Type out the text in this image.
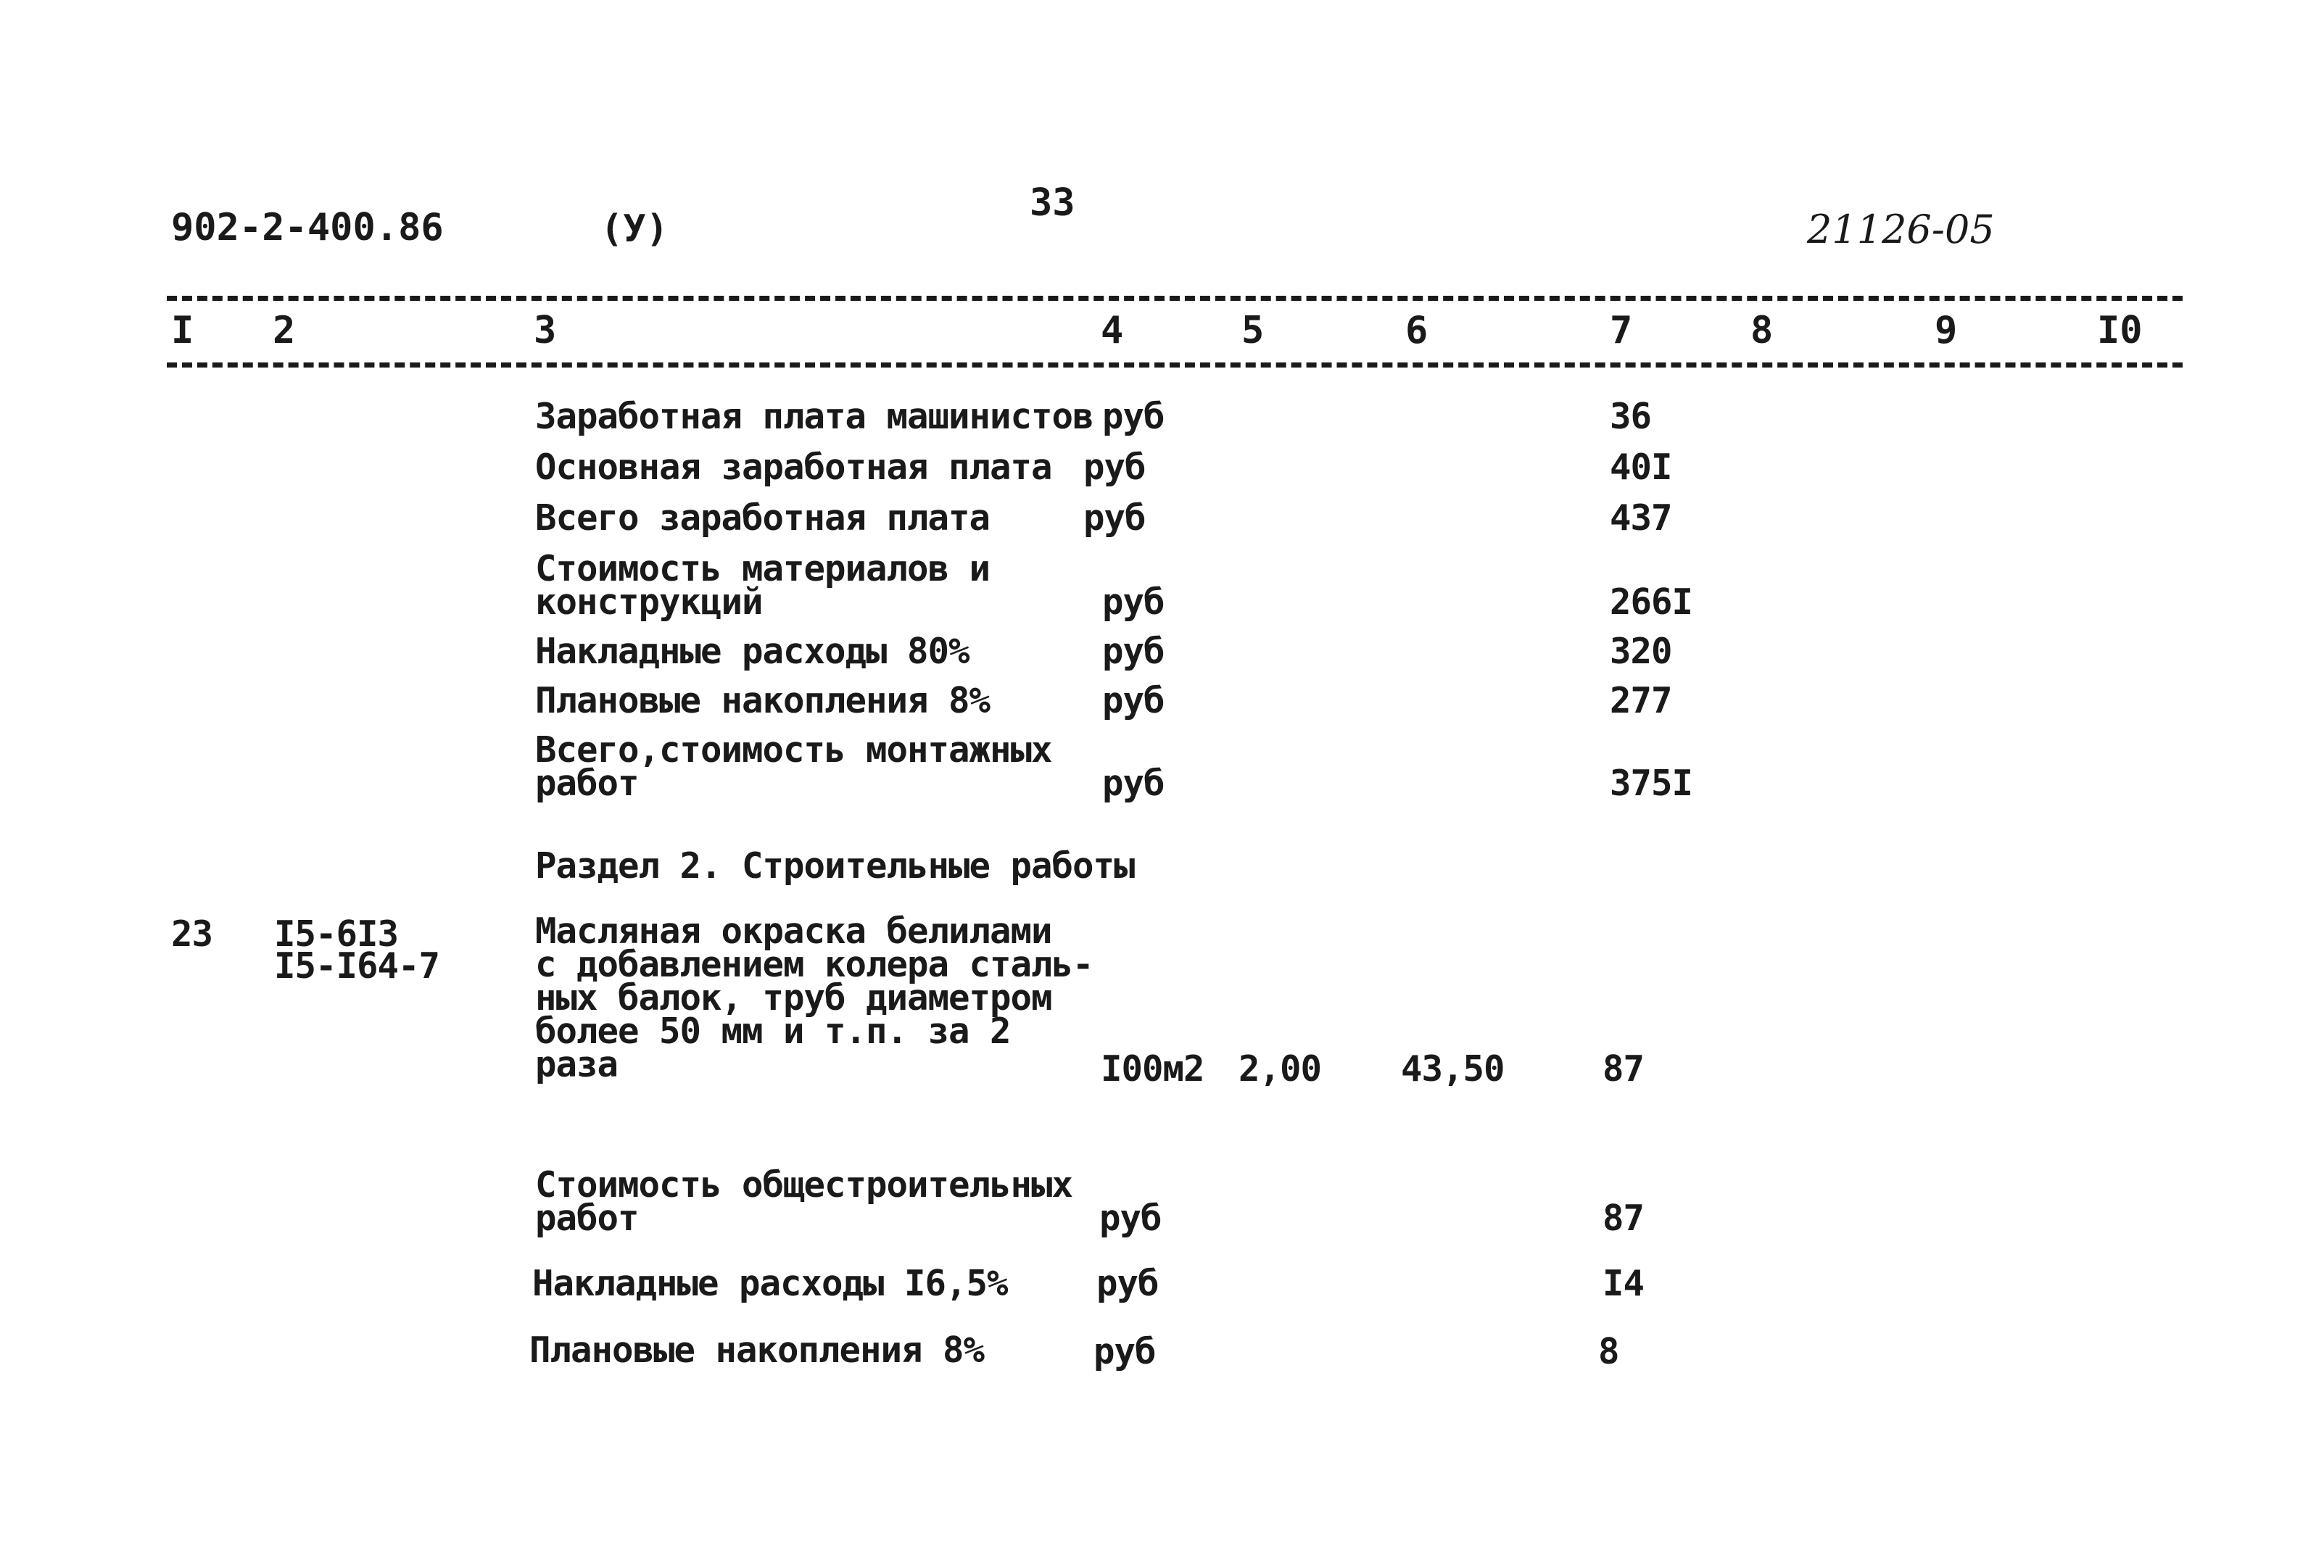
902-2-400.86	(У)
33
21126-05
I 2	3	4	5	6	7	8	9	I0
Заработная плата машинистов руб	36
Основная заработная плата руб	40I
Всего заработная плата	руб	437
Стоимость материалов и
конструкций	руб	266I
Накладные расходы 80%	руб	320
Плановые накопления 8%	руб	277
Всего,стоимость монтажных
работ	руб	375I
Раздел 2. Строительные работы
23 I5-6I3
I5-I64-7
Масляная окраска белилами
с добавлением колера сталь-
ных балок, труб диаметром
более 50 мм и т.п. за 2
раза	I00м2 2,00 43,50	87
Стоимость общестроительных
работ	руб	87
Накладные расходы I6,5% руб	I4
Плановые накопления 8%	руб	8
